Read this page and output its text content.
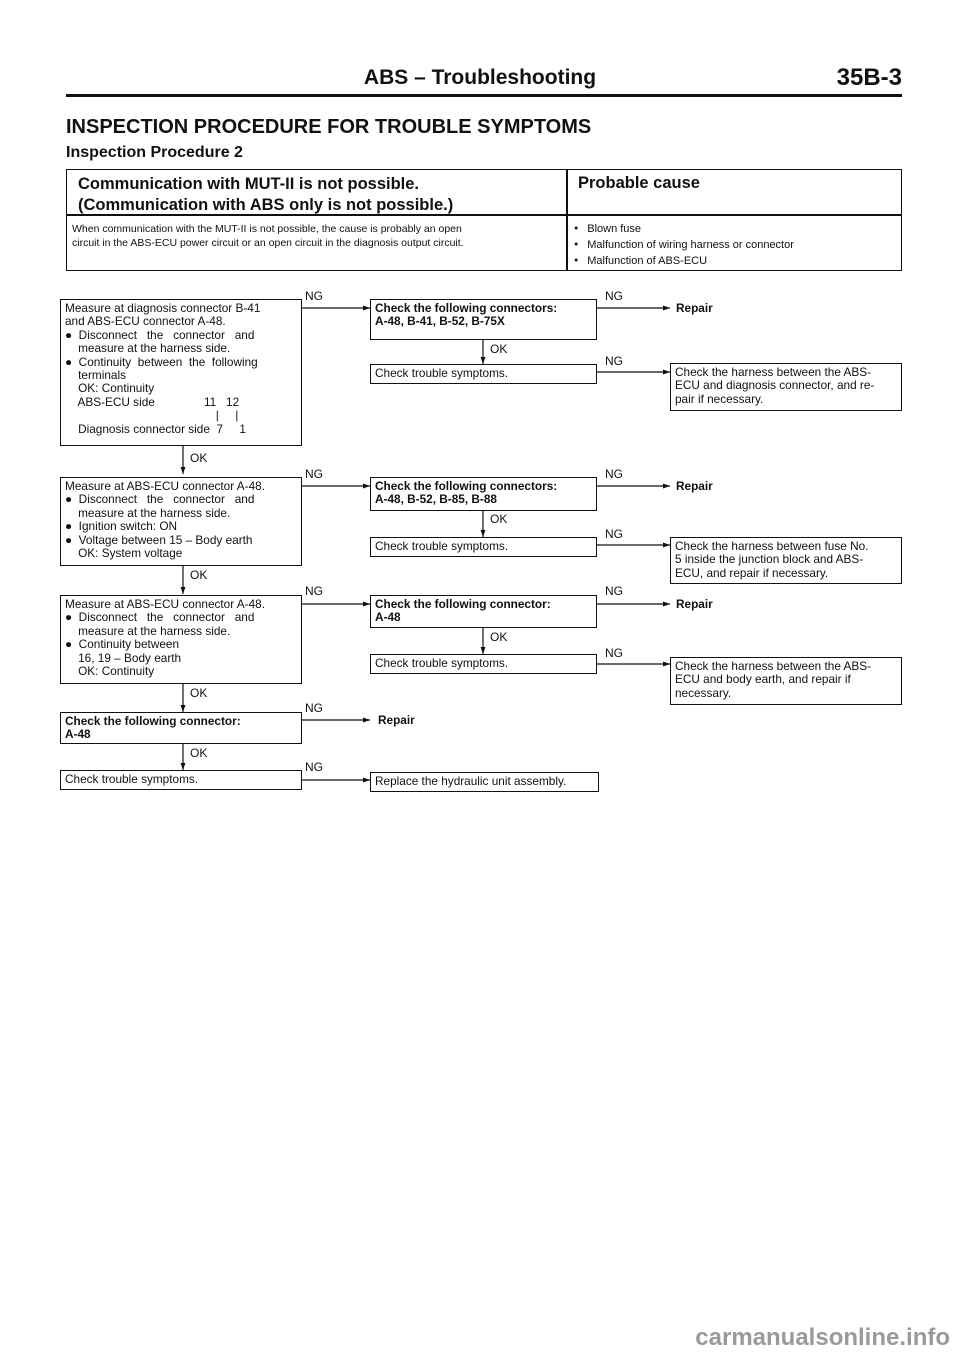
ABS – Troubleshooting	35B-3
INSPECTION PROCEDURE FOR TROUBLE SYMPTOMS
Inspection Procedure 2
Communication with MUT-II is not possible.
(Communication with ABS only is not possible.)
Probable cause
When communication with the MUT-II is not possible, the cause is probably an open
circuit in the ABS-ECU power circuit or an open circuit in the diagnosis output circuit.
● Blown fuse
● Malfunction of wiring harness or connector
● Malfunction of ABS-ECU
Measure at diagnosis connector B-41
and ABS-ECU connector A-48.
●  Disconnect   the   connector   and
measure at the harness side.
●  Continuity  between  the  following
terminals
OK: Continuity
ABS-ECU side               11   12
|     |
Diagnosis connector side  7     1
Check the following connectors:
A-48, B-41, B-52, B-75X
Check trouble symptoms.
Repair
Check the harness between the ABS-
ECU and diagnosis connector, and re-
pair if necessary.
NG	NG
OK
NG
OK
Measure at ABS-ECU connector A-48.
●  Disconnect   the   connector   and
measure at the harness side.
●  Ignition switch: ON
●  Voltage between 15 – Body earth
OK: System voltage
Check the following connectors:
A-48, B-52, B-85, B-88
Check trouble symptoms.
Repair
Check the harness between fuse No.
5 inside the junction block and ABS-
ECU, and repair if necessary.
NG	NG
OK
NG
OK
Measure at ABS-ECU connector A-48.
●  Disconnect   the   connector   and
measure at the harness side.
●  Continuity between
16, 19 – Body earth
OK: Continuity
Check the following connector:
A-48
Check trouble symptoms.
Repair
Check the harness between the ABS-
ECU and body earth, and repair if
necessary.
NG	NG
OK
NG
OK
Check the following connector:
A-48
Repair
NG
OK
Check trouble symptoms.	Replace the hydraulic unit assembly.
NG
carmanualsonline.info
